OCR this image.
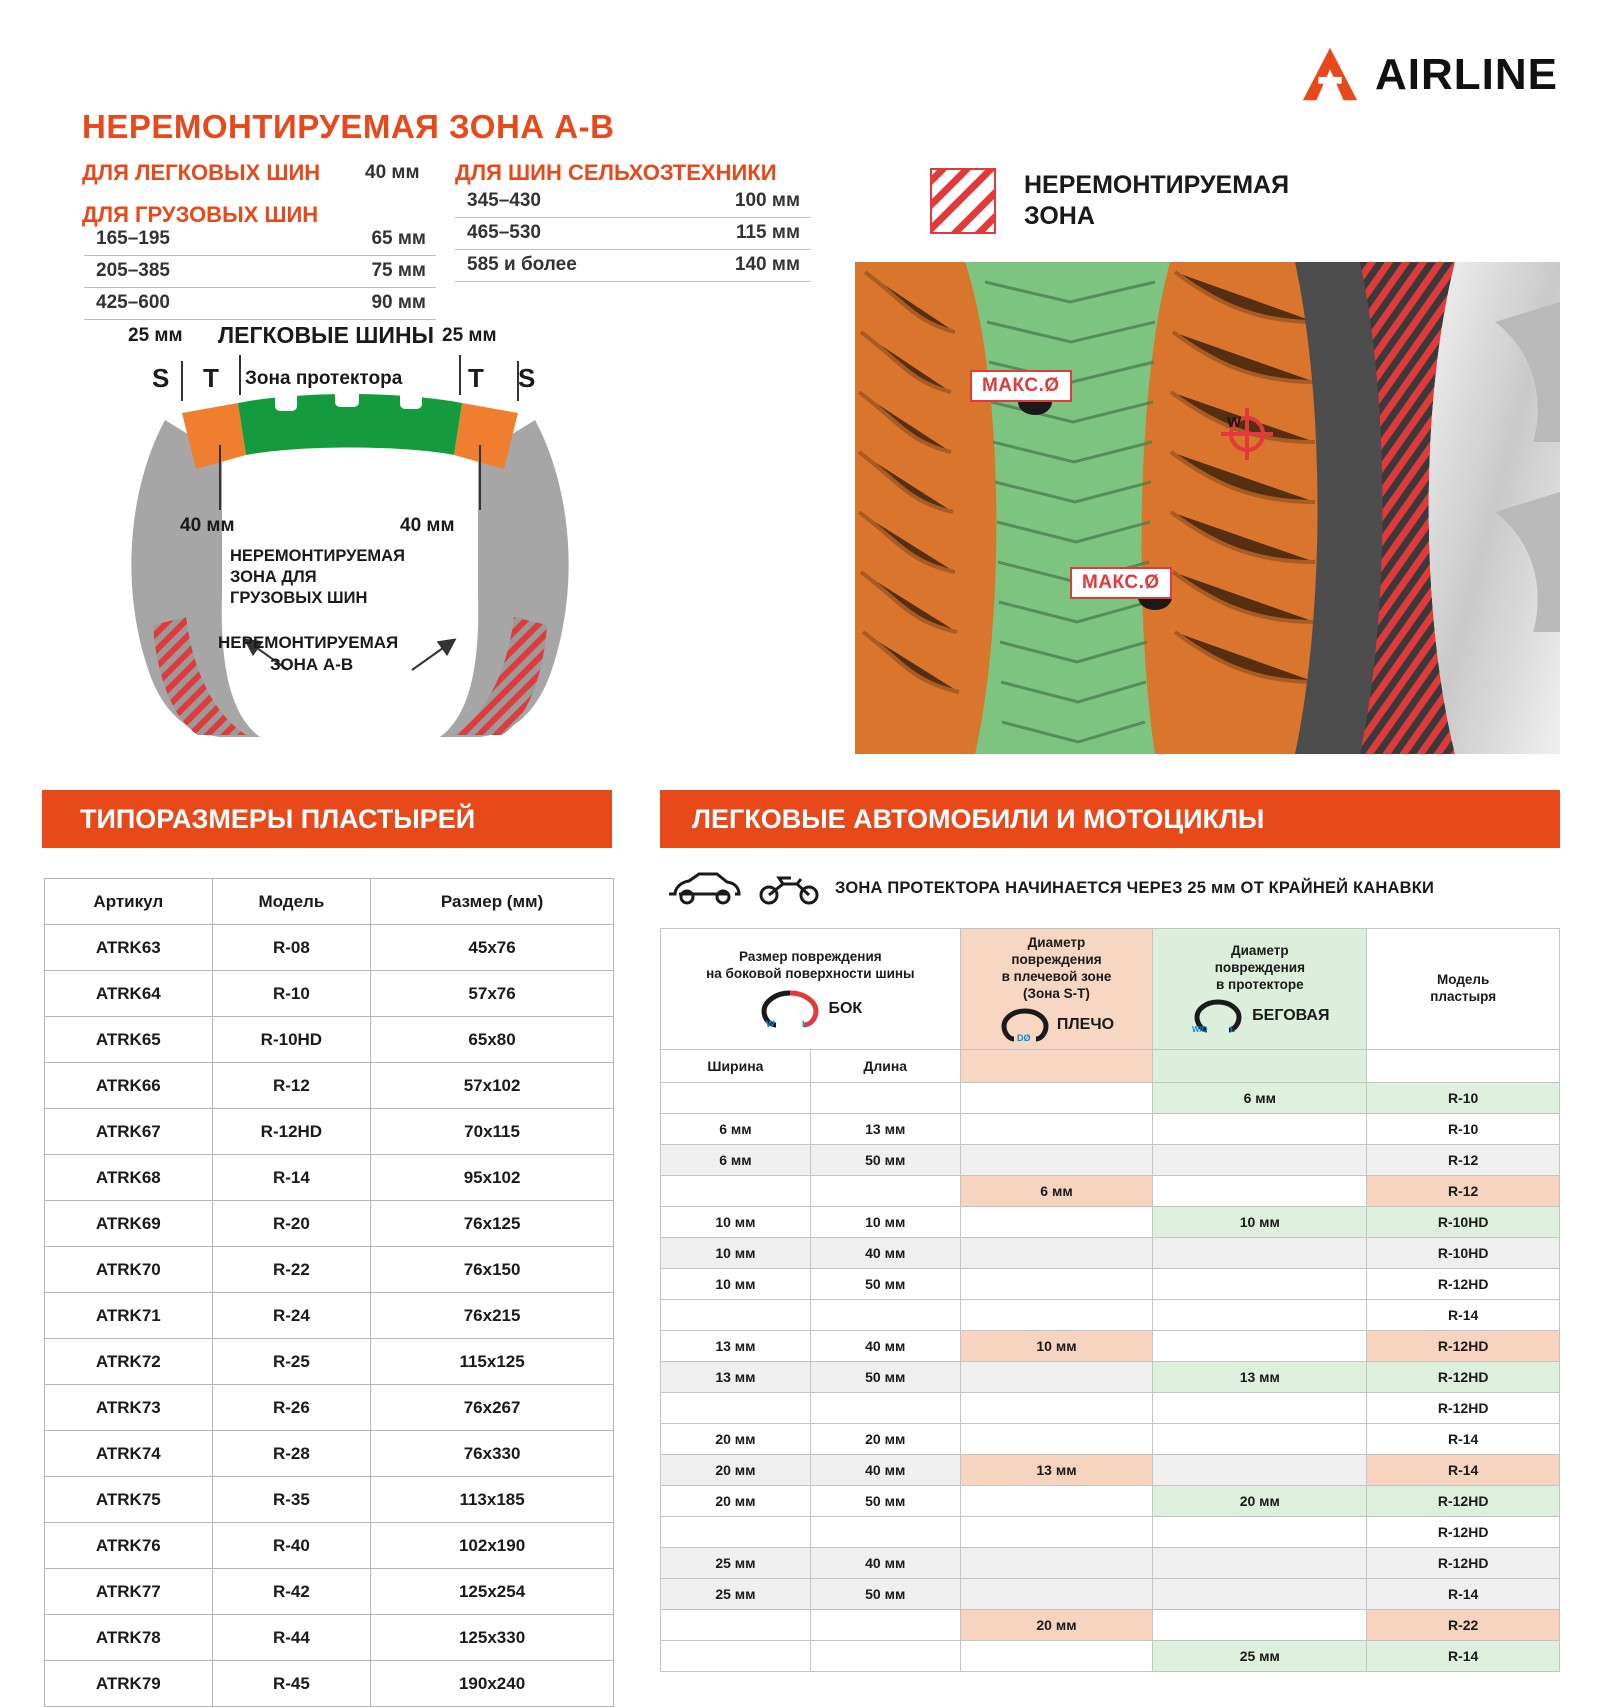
AIRLINE
НЕРЕМОНТИРУЕМАЯ ЗОНА А-В
ДЛЯ ЛЕГКОВЫХ ШИН 40 мм
ДЛЯ ГРУЗОВЫХ ШИН
ДЛЯ ШИН СЕЛЬХОЗТЕХНИКИ
165–195	65 мм
205–385	75 мм
425–600	90 мм
345–430	100 мм
465–530	115 мм
585 и более	140 мм
25 мм ЛЕГКОВЫЕ ШИНЫ 25 мм
S T Зона протектора	T S
40 мм	40 мм
НЕРЕМОНТИРУЕМАЯ
ЗОНА ДЛЯ
ГРУЗОВЫХ ШИН
НЕРЕМОНТИРУЕМАЯ
ЗОНА А-В
НЕРЕМОНТИРУЕМАЯ
ЗОНА
МАКС.Ø
МАКС.Ø
W
ТИПОРАЗМЕРЫ ПЛАСТЫРЕЙ	ЛЕГКОВЫЕ АВТОМОБИЛИ И МОТОЦИКЛЫ
Артикул	Модель	Размер (мм)
ATRK63	R-08	45x76
ATRK64	R-10	57x76
ATRK65	R-10HD	65x80
ATRK66	R-12	57x102
ATRK67	R-12HD	70x115
ATRK68	R-14	95x102
ATRK69	R-20	76x125
ATRK70	R-22	76x150
ATRK71	R-24	76x215
ATRK72	R-25	115x125
ATRK73	R-26	76x267
ATRK74	R-28	76x330
ATRK75	R-35	113x185
ATRK76	R-40	102x190
ATRK77	R-42	125x254
ATRK78	R-44	125x330
ATRK79	R-45	190x240
ЗОНА ПРОТЕКТОРА НАЧИНАЕТСЯ ЧЕРЕЗ 25 мм ОТ КРАЙНЕЙ КАНАВКИ
Размер повреждения
на боковой поверхности шины
W	L
БОК

Диаметр
повреждения
в плечевой зоне
(Зона S-T)
DØ
ПЛЕЧО

Диаметр
повреждения
в протекторе
W/D	L
БЕГОВАЯ

Модель
пластыря

Ширина	Длина			
			6 мм	R-10
6 мм	13 мм			R-10
6 мм	50 мм			R-12
		6 мм		R-12
10 мм	10 мм		10 мм	R-10HD
10 мм	40 мм			R-10HD
10 мм	50 мм			R-12HD
				R-14
13 мм	40 мм	10 мм		R-12HD
13 мм	50 мм		13 мм	R-12HD
				R-12HD
20 мм	20 мм			R-14
20 мм	40 мм	13 мм		R-14
20 мм	50 мм		20 мм	R-12HD
				R-12HD
25 мм	40 мм			R-12HD
25 мм	50 мм			R-14
		20 мм		R-22
			25 мм	R-14
